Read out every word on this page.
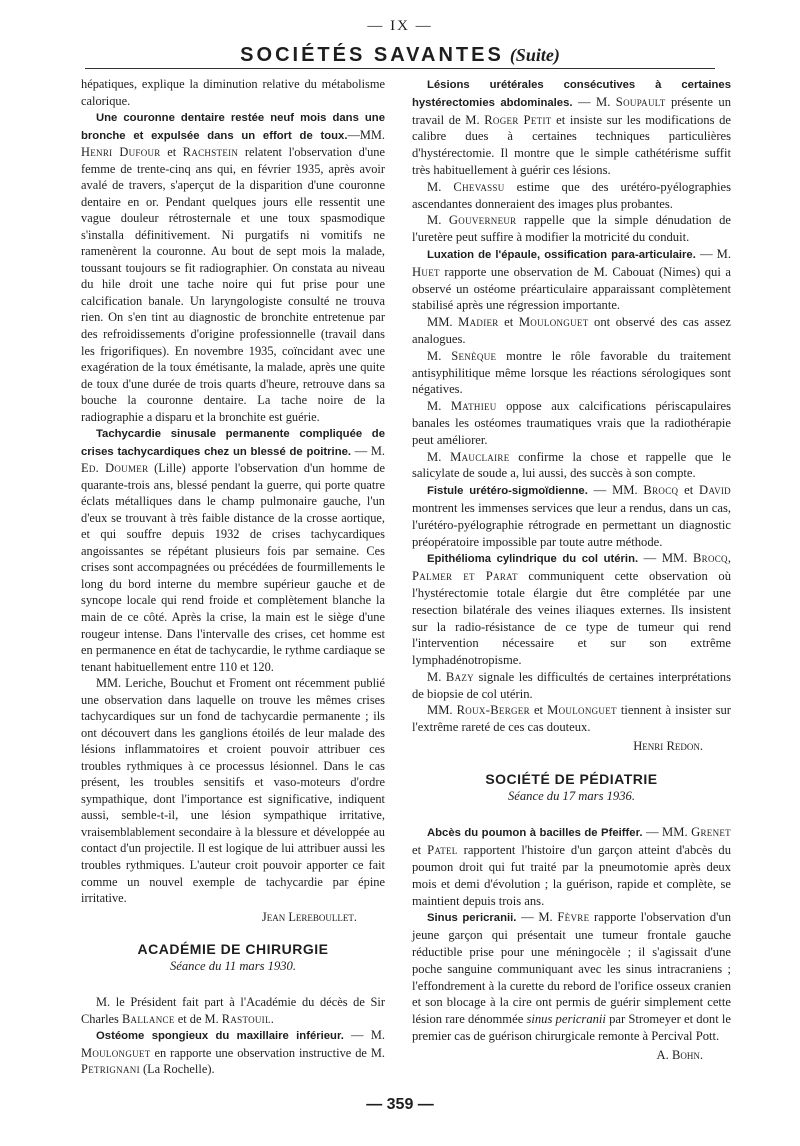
— IX —
SOCIÉTÉS SAVANTES (Suite)

hépatiques, explique la diminution relative du métabolisme calorique.

Une couronne dentaire restée neuf mois dans une bronche et expulsée dans un effort de toux.—MM. Henri Dufour et Rachstein relatent l'observation d'une femme de trente-cinq ans qui, en février 1935, après avoir avalé de travers, s'aperçut de la disparition d'une couronne dentaire en or. Pendant quelques jours elle ressentit une vague douleur rétrosternale et une toux spasmodique s'installa définitivement. Ni purgatifs ni vomitifs ne ramenèrent la couronne. Au bout de sept mois la malade, toussant toujours se fit radiographier. On constata au niveau du hile droit une tache noire qui fut prise pour une calcification banale. Un laryngologiste consulté ne trouva rien. On s'en tint au diagnostic de bronchite entretenue par des refroidissements d'origine professionnelle (travail dans les frigorifiques). En novembre 1935, coïncidant avec une exagération de la toux émétisante, la malade, après une quite de toux d'une durée de trois quarts d'heure, retrouve dans sa bouche la couronne dentaire. La tache noire de la radiographie a disparu et la bronchite est guérie.

Tachycardie sinusale permanente compliquée de crises tachycardiques chez un blessé de poitrine. — M. Ed. Doumer (Lille) apporte l'observation d'un homme de quarante-trois ans, blessé pendant la guerre, qui porte quatre éclats métalliques dans le champ pulmonaire gauche, l'un d'eux se trouvant à très faible distance de la crosse aortique, et qui souffre depuis 1932 de crises tachycardiques angoissantes se répétant plusieurs fois par semaine. Ces crises sont accompagnées ou précédées de fourmillements le long du bord interne du membre supérieur gauche et de syncope locale qui rend froide et complètement blanche la main de ce côté. Après la crise, la main est le siège d'une rougeur intense. Dans l'intervalle des crises, cet homme est en permanence en état de tachycardie, le rythme cardiaque se tenant habituellement entre 110 et 120.

MM. Leriche, Bouchut et Froment ont récemment publié une observation dans laquelle on trouve les mêmes crises tachycardiques sur un fond de tachycardie permanente ; ils ont découvert dans les ganglions étoilés de leur malade des lésions inflammatoires et croient pouvoir attribuer ces troubles rythmiques à ce processus lésionnel. Dans le cas présent, les troubles sensitifs et vaso-moteurs d'ordre sympathique, dont l'importance est significative, indiquent aussi, semble-t-il, une lésion sympathique irritative, vraisemblablement secondaire à la blessure et développée au contact d'un projectile. Il est logique de lui attribuer aussi les troubles rythmiques. L'auteur croit pouvoir apporter ce fait comme un nouvel exemple de tachycardie par épine irritative.

Jean Lereboullet.

ACADÉMIE DE CHIRURGIE

Séance du 11 mars 1930.

M. le Président fait part à l'Académie du décès de Sir Charles Ballance et de M. Rastouil.

Ostéome spongieux du maxillaire inférieur. — M. Moulonguet en rapporte une observation instructive de M. Petrignani (La Rochelle).

Lésions urétérales consécutives à certaines hystérectomies abdominales. — M. Soupault présente un travail de M. Roger Petit et insiste sur les modifications de calibre dues à certaines techniques particulières d'hystérectomie. Il montre que le simple cathétérisme suffit très habituellement à guérir ces lésions.

M. Chevassu estime que des urétéro-pyélographies ascendantes donneraient des images plus probantes.

M. Gouverneur rappelle que la simple dénudation de l'uretère peut suffire à modifier la motricité du conduit.

Luxation de l'épaule, ossification para-articulaire. — M. Huet rapporte une observation de M. Cabouat (Nimes) qui a observé un ostéome préarticulaire apparaissant complètement stabilisé après une régression importante.

MM. Madier et Moulonguet ont observé des cas assez analogues.

M. Senèque montre le rôle favorable du traitement antisyphilitique même lorsque les réactions sérologiques sont négatives.

M. Mathieu oppose aux calcifications périscapulaires banales les ostéomes traumatiques vrais que la radiothérapie peut améliorer.

M. Mauclaire confirme la chose et rappelle que le salicylate de soude a, lui aussi, des succès à son compte.

Fistule urétéro-sigmoïdienne. — MM. Brocq et David montrent les immenses services que leur a rendus, dans un cas, l'urétéro-pyélographie rétrograde en permettant un diagnostic préopératoire impossible par toute autre méthode.

Epithélioma cylindrique du col utérin. — MM. Brocq, Palmer et Parat communiquent cette observation où l'hystérectomie totale élargie dut être complétée par une resection bilatérale des veines iliaques externes. Ils insistent sur la radio-résistance de ce type de tumeur qui rend l'intervention nécessaire et sur son extrême lymphadénotropisme.

M. Bazy signale les difficultés de certaines interprétations de biopsie de col utérin.

MM. Roux-Berger et Moulonguet tiennent à insister sur l'extrême rareté de ces cas douteux.

Henri Redon.

SOCIÉTÉ DE PÉDIATRIE

Séance du 17 mars 1936.

Abcès du poumon à bacilles de Pfeiffer. — MM. Grenet et Patel rapportent l'histoire d'un garçon atteint d'abcès du poumon droit qui fut traité par la pneumotomie après deux mois et demi d'évolution ; la guérison, rapide et complète, se maintient depuis trois ans.

Sinus pericranii. — M. Fèvre rapporte l'observation d'un jeune garçon qui présentait une tumeur frontale gauche réductible prise pour une méningocèle ; il s'agissait d'une poche sanguine communiquant avec les sinus intracraniens ; l'effondrement à la curette du rebord de l'orifice osseux cranien et son blocage à la cire ont permis de guérir simplement cette lésion rare dénommée sinus pericranii par Stromeyer et dont le premier cas de guérison chirurgicale remonte à Percival Pott.

A. Bohn.

— 359 —
